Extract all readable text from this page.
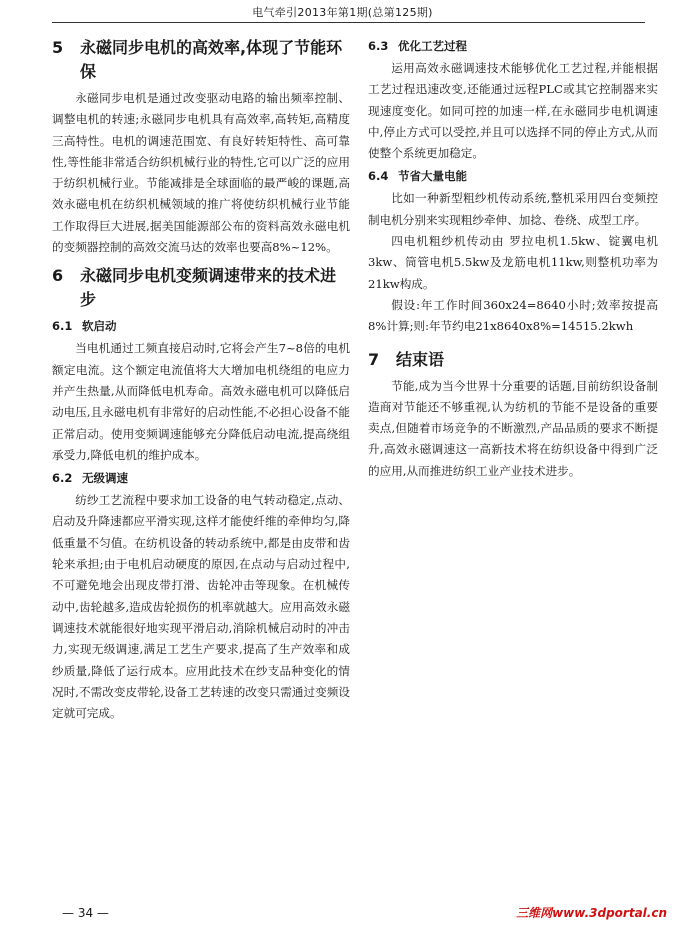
电气牵引2013年第1期(总第125期)
5	永磁同步电机的高效率,体现了节能环保

永磁同步电机是通过改变驱动电路的输出频率控制、调整电机的转速;永磁同步电机具有高效率,高转矩,高精度三高特性。电机的调速范围宽、有良好转矩特性、高可靠性,等性能非常适合纺织机械行业的特性,它可以广泛的应用于纺织机械行业。节能减排是全球面临的最严峻的课题,高效永磁电机在纺织机械领域的推广将使纺织机械行业节能工作取得巨大进展,据美国能源部公布的资料高效永磁电机的变频器控制的高效交流马达的效率也要高8%~12%。

6	永磁同步电机变频调速带来的技术进步
6.1 软启动

当电机通过工频直接启动时,它将会产生7~8倍的电机额定电流。这个额定电流值将大大增加电机绕组的电应力并产生热量,从而降低电机寿命。高效永磁电机可以降低启动电压,且永磁电机有非常好的启动性能,不必担心设备不能正常启动。使用变频调速能够充分降低启动电流,提高绕组承受力,降低电机的维护成本。

6.2 无级调速

纺纱工艺流程中要求加工设备的电气转动稳定,点动、启动及升降速都应平滑实现,这样才能使纤维的牵伸均匀,降低重量不匀值。在纺机设备的转动系统中,都是由皮带和齿轮来承担;由于电机启动硬度的原因,在点动与启动过程中,不可避免地会出现皮带打滑、齿轮冲击等现象。在机械传动中,齿轮越多,造成齿轮损伤的机率就越大。应用高效永磁调速技术就能很好地实现平滑启动,消除机械启动时的冲击力,实现无级调速,满足工艺生产要求,提高了生产效率和成纱质量,降低了运行成本。应用此技术在纱支品种变化的情况时,不需改变皮带轮,设备工艺转速的改变只需通过变频设定就可完成。

6.3 优化工艺过程

运用高效永磁调速技术能够优化工艺过程,并能根据工艺过程迅速改变,还能通过远程PLC或其它控制器来实现速度变化。如同可控的加速一样,在永磁同步电机调速中,停止方式可以受控,并且可以选择不同的停止方式,从而使整个系统更加稳定。

6.4 节省大量电能

比如一种新型粗纱机传动系统,整机采用四台变频控制电机分别来实现粗纱牵伸、加捻、卷绕、成型工序。

四电机粗纱机传动由 罗拉电机1.5kw、锭翼电机3kw、筒管电机5.5kw及龙筋电机11kw,则整机功率为21kw构成。

假设:年工作时间360x24=8640小时;效率按提高8%计算;则:年节约电21x8640x8%=14515.2kwh

7	结束语

节能,成为当今世界十分重要的话题,目前纺织设备制造商对节能还不够重视,认为纺机的节能不是设备的重要卖点,但随着市场竞争的不断激烈,产品品质的要求不断提升,高效永磁调速这一高新技术将在纺织设备中得到广泛的应用,从而推进纺织工业产业技术进步。

— 34 —	三维网www.3dportal.cn
